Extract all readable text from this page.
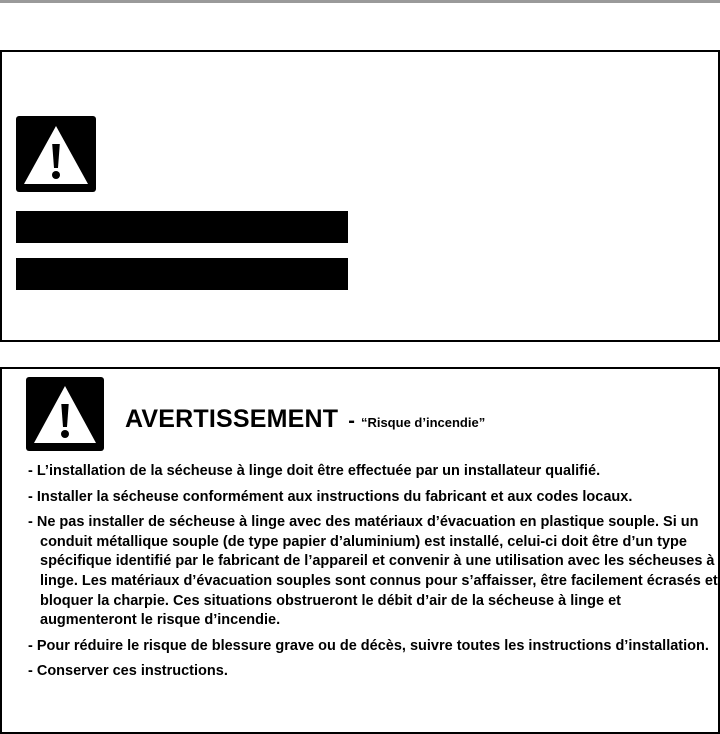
AVERTISSEMENT - “Risque d’incendie”
- L’installation de la sécheuse à linge doit être effectuée par un installateur qualifié.
- Installer la sécheuse conformément aux instructions du fabricant et aux codes locaux.
- Ne pas installer de sécheuse à linge avec des matériaux d’évacuation en plastique souple. Si un conduit métallique souple (de type papier d’aluminium) est installé, celui-ci doit être d’un type spécifique identifié par le fabricant de l’appareil et convenir à une utilisation avec les sécheuses à linge. Les matériaux d’évacuation souples sont connus pour s’affaisser, être facilement écrasés et bloquer la charpie. Ces situations obstrueront le débit d’air de la sécheuse à linge et augmenteront le risque d’incendie.
- Pour réduire le risque de blessure grave ou de décès, suivre toutes les instructions d’installation.
- Conserver ces instructions.
